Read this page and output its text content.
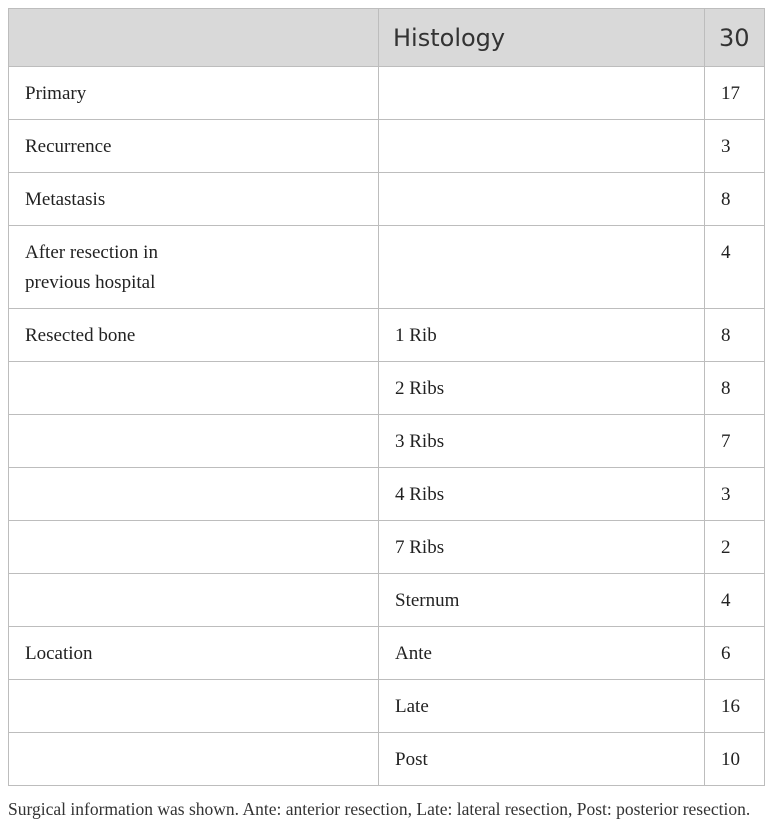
	Histology	30
Primary		17
Recurrence		3
Metastasis		8
After resection in previous hospital		4
Resected bone	1 Rib	8
	2 Ribs	8
	3 Ribs	7
	4 Ribs	3
	7 Ribs	2
	Sternum	4
Location	Ante	6
	Late	16
	Post	10
Surgical information was shown. Ante: anterior resection, Late: lateral resection, Post: posterior resection.
